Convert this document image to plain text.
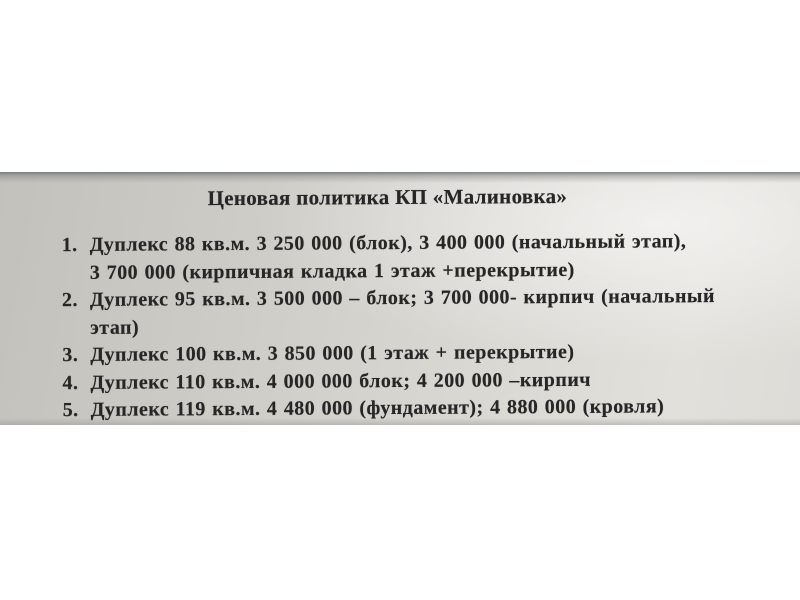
Ценовая политика КП «Малиновка»
1. Дуплекс 88 кв.м. 3 250 000 (блок), 3 400 000 (начальный этап),
3 700 000 (кирпичная кладка 1 этаж +перекрытие)
2. Дуплекс 95 кв.м. 3 500 000 – блок; 3 700 000- кирпич (начальный
этап)
3. Дуплекс 100 кв.м. 3 850 000 (1 этаж + перекрытие)
4. Дуплекс 110 кв.м. 4 000 000 блок; 4 200 000 –кирпич
5. Дуплекс 119 кв.м. 4 480 000 (фундамент); 4 880 000 (кровля)
